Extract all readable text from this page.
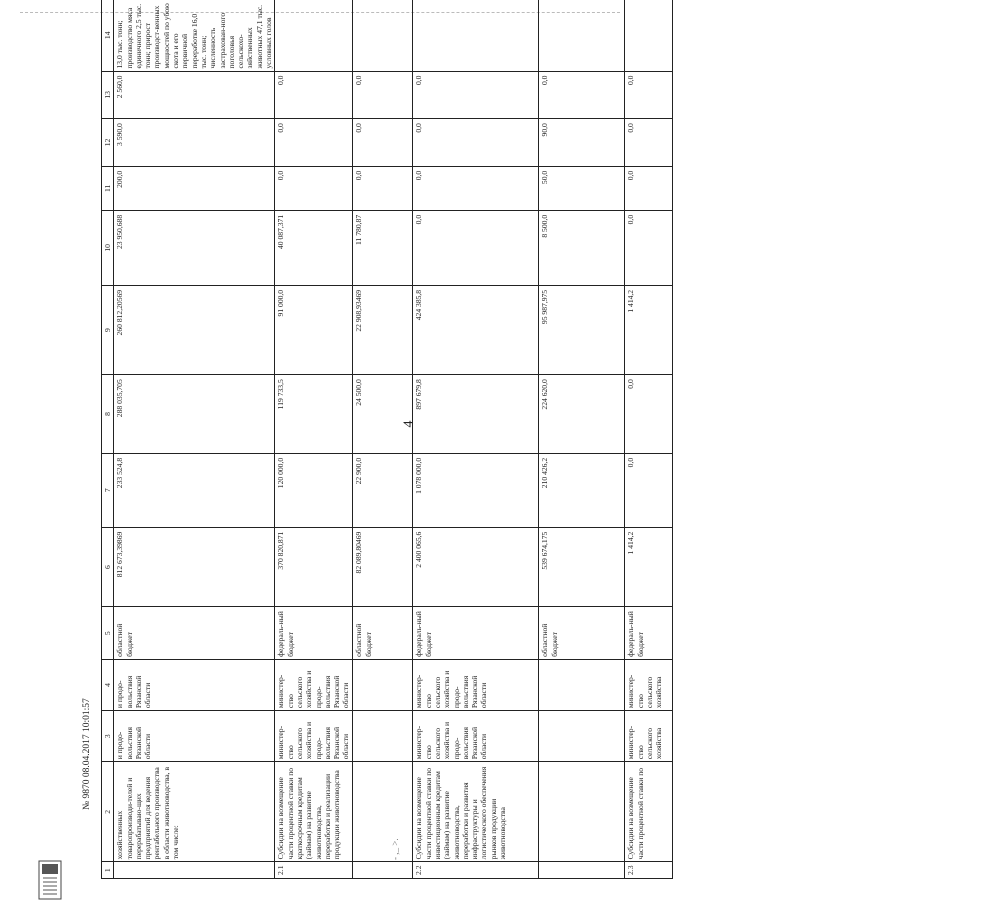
4
1	2	3	4	5	6	7	8	9	10	11	12	13	14
	хозяйственных товаропроизводи-телей и перерабатываю-щих предприятий для ведения рентабельного производства в области животноводства, в том числе:	и продо-вольствия Рязанской области	и продо-вольствия Рязанской области	областной бюджет	812 673,39869	233 524,8	288 035,705	260 812,20569	23 950,688	200,0	3 590,0	2 560,0	13,0 тыс. тонн; производство мяса единичного 2,5 тыс. тонн; прирост производст-венных мощностей по убою скота и его первичной переработке 16,0 тыс. тонн; численность застрахован-ного поголовья сельскохо-зяйственных животных 47,1 тыс. условных голов
2.1	Субсидии на возмещение части процентной ставки по краткосрочным кредитам (займам) на развитие животноводства, переработки и реализации продукции животноводства	министер-ство сельского хозяйства и продо-вольствия Рязанской области	министер-ство сельского хозяйства и продо-вольствия Рязанской области	федераль-ный бюджет	370 820,871	120 000,0	119 733,5	91 000,0	40 087,371	0,0	0,0	0,0	
				областной бюджет	82 089,80469	22 900,0	24 500,0	22 908,93469	11 780,87	0,0	0,0	0,0	
2.2	Субсидии на возмещение части процентной ставки по инвестиционным кредитам (займам) на развитие животноводства, переработки и развития инфраструктуры и логистического обеспечения рынков продукции животноводства	министер-ство сельского хозяйства и продо-вольствия Рязанской области	министер-ство сельского хозяйства и продо-вольствия Рязанской области	федераль-ный бюджет	2 400 065,6	1 078 000,0	897 679,8	424 385,8	0,0	0,0	0,0	0,0	
				областной бюджет	539 674,175	210 426,2	224 620,0	95 987,975	8 500,0	50,0	90,0	0,0	
2.3	Субсидии на возмещение части процентной ставки по	министер-ство сельского хозяйства	министер-ство сельского хозяйства	федераль-ный бюджет	1 414,2	0,0	0,0	1 414,2	0,0	0,0	0,0	0,0	
№ 9870 08.04.2017 10:01:57
- ,_ >.
